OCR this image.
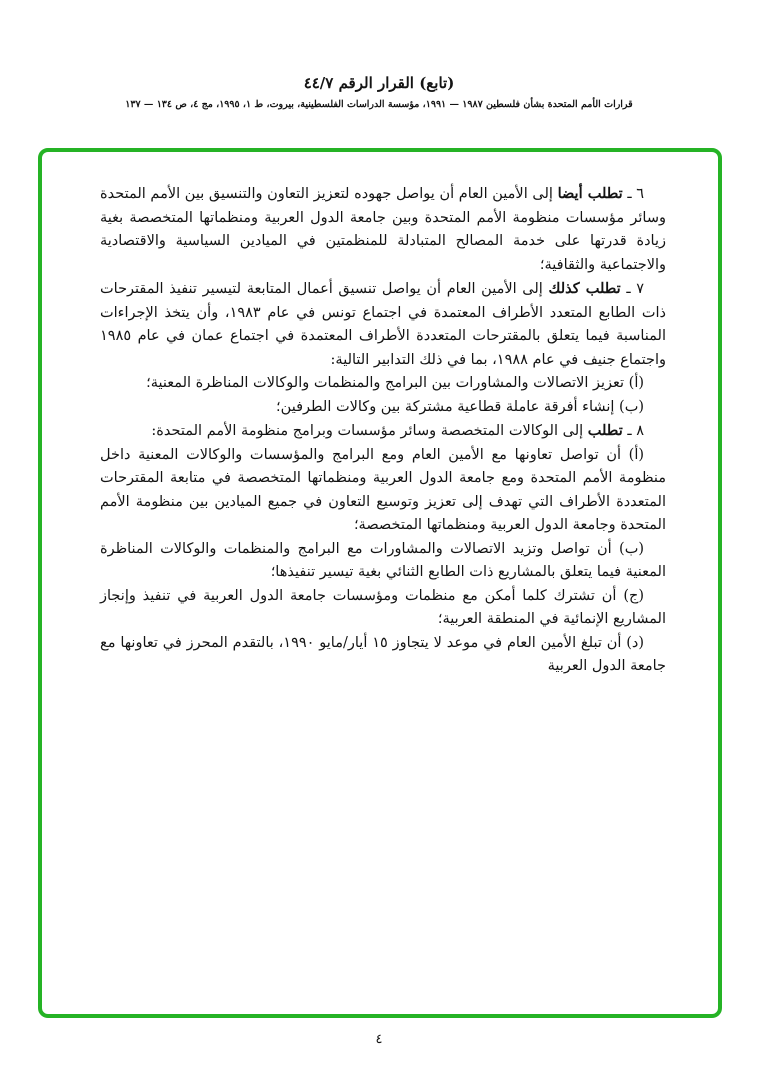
(تابع) القرار الرقم ٤٤/٧
قرارات الأمم المتحدة بشأن فلسطين ١٩٨٧ — ١٩٩١، مؤسسة الدراسات الفلسطينية، بيروت، ط ١، ١٩٩٥، مج ٤، ص ١٣٤ — ١٣٧

٦ ـ تطلب أيضا إلى الأمين العام أن يواصل جهوده لتعزيز التعاون والتنسيق بين الأمم المتحدة وسائر مؤسسات منظومة الأمم المتحدة وبين جامعة الدول العربية ومنظماتها المتخصصة بغية زيادة قدرتها على خدمة المصالح المتبادلة للمنظمتين في الميادين السياسية والاقتصادية والاجتماعية والثقافية؛

٧ ـ تطلب كذلك إلى الأمين العام أن يواصل تنسيق أعمال المتابعة لتيسير تنفيذ المقترحات ذات الطابع المتعدد الأطراف المعتمدة في اجتماع تونس في عام ١٩٨٣، وأن يتخذ الإجراءات المناسبة فيما يتعلق بالمقترحات المتعددة الأطراف المعتمدة في اجتماع عمان في عام ١٩٨٥ واجتماع جنيف في عام ١٩٨٨، بما في ذلك التدابير التالية:

(أ) تعزيز الاتصالات والمشاورات بين البرامج والمنظمات والوكالات المناظرة المعنية؛

(ب) إنشاء أفرقة عاملة قطاعية مشتركة بين وكالات الطرفين؛

٨ ـ تطلب إلى الوكالات المتخصصة وسائر مؤسسات وبرامج منظومة الأمم المتحدة:

(أ) أن تواصل تعاونها مع الأمين العام ومع البرامج والمؤسسات والوكالات المعنية داخل منظومة الأمم المتحدة ومع جامعة الدول العربية ومنظماتها المتخصصة في متابعة المقترحات المتعددة الأطراف التي تهدف إلى تعزيز وتوسيع التعاون في جميع الميادين بين منظومة الأمم المتحدة وجامعة الدول العربية ومنظماتها المتخصصة؛

(ب) أن تواصل وتزيد الاتصالات والمشاورات مع البرامج والمنظمات والوكالات المناظرة المعنية فيما يتعلق بالمشاريع ذات الطابع الثنائي بغية تيسير تنفيذها؛

(ج) أن تشترك كلما أمكن مع منظمات ومؤسسات جامعة الدول العربية في تنفيذ وإنجاز المشاريع الإنمائية في المنطقة العربية؛

(د) أن تبلغ الأمين العام في موعد لا يتجاوز ١٥ أيار/مايو ١٩٩٠، بالتقدم المحرز في تعاونها مع جامعة الدول العربية

٤
